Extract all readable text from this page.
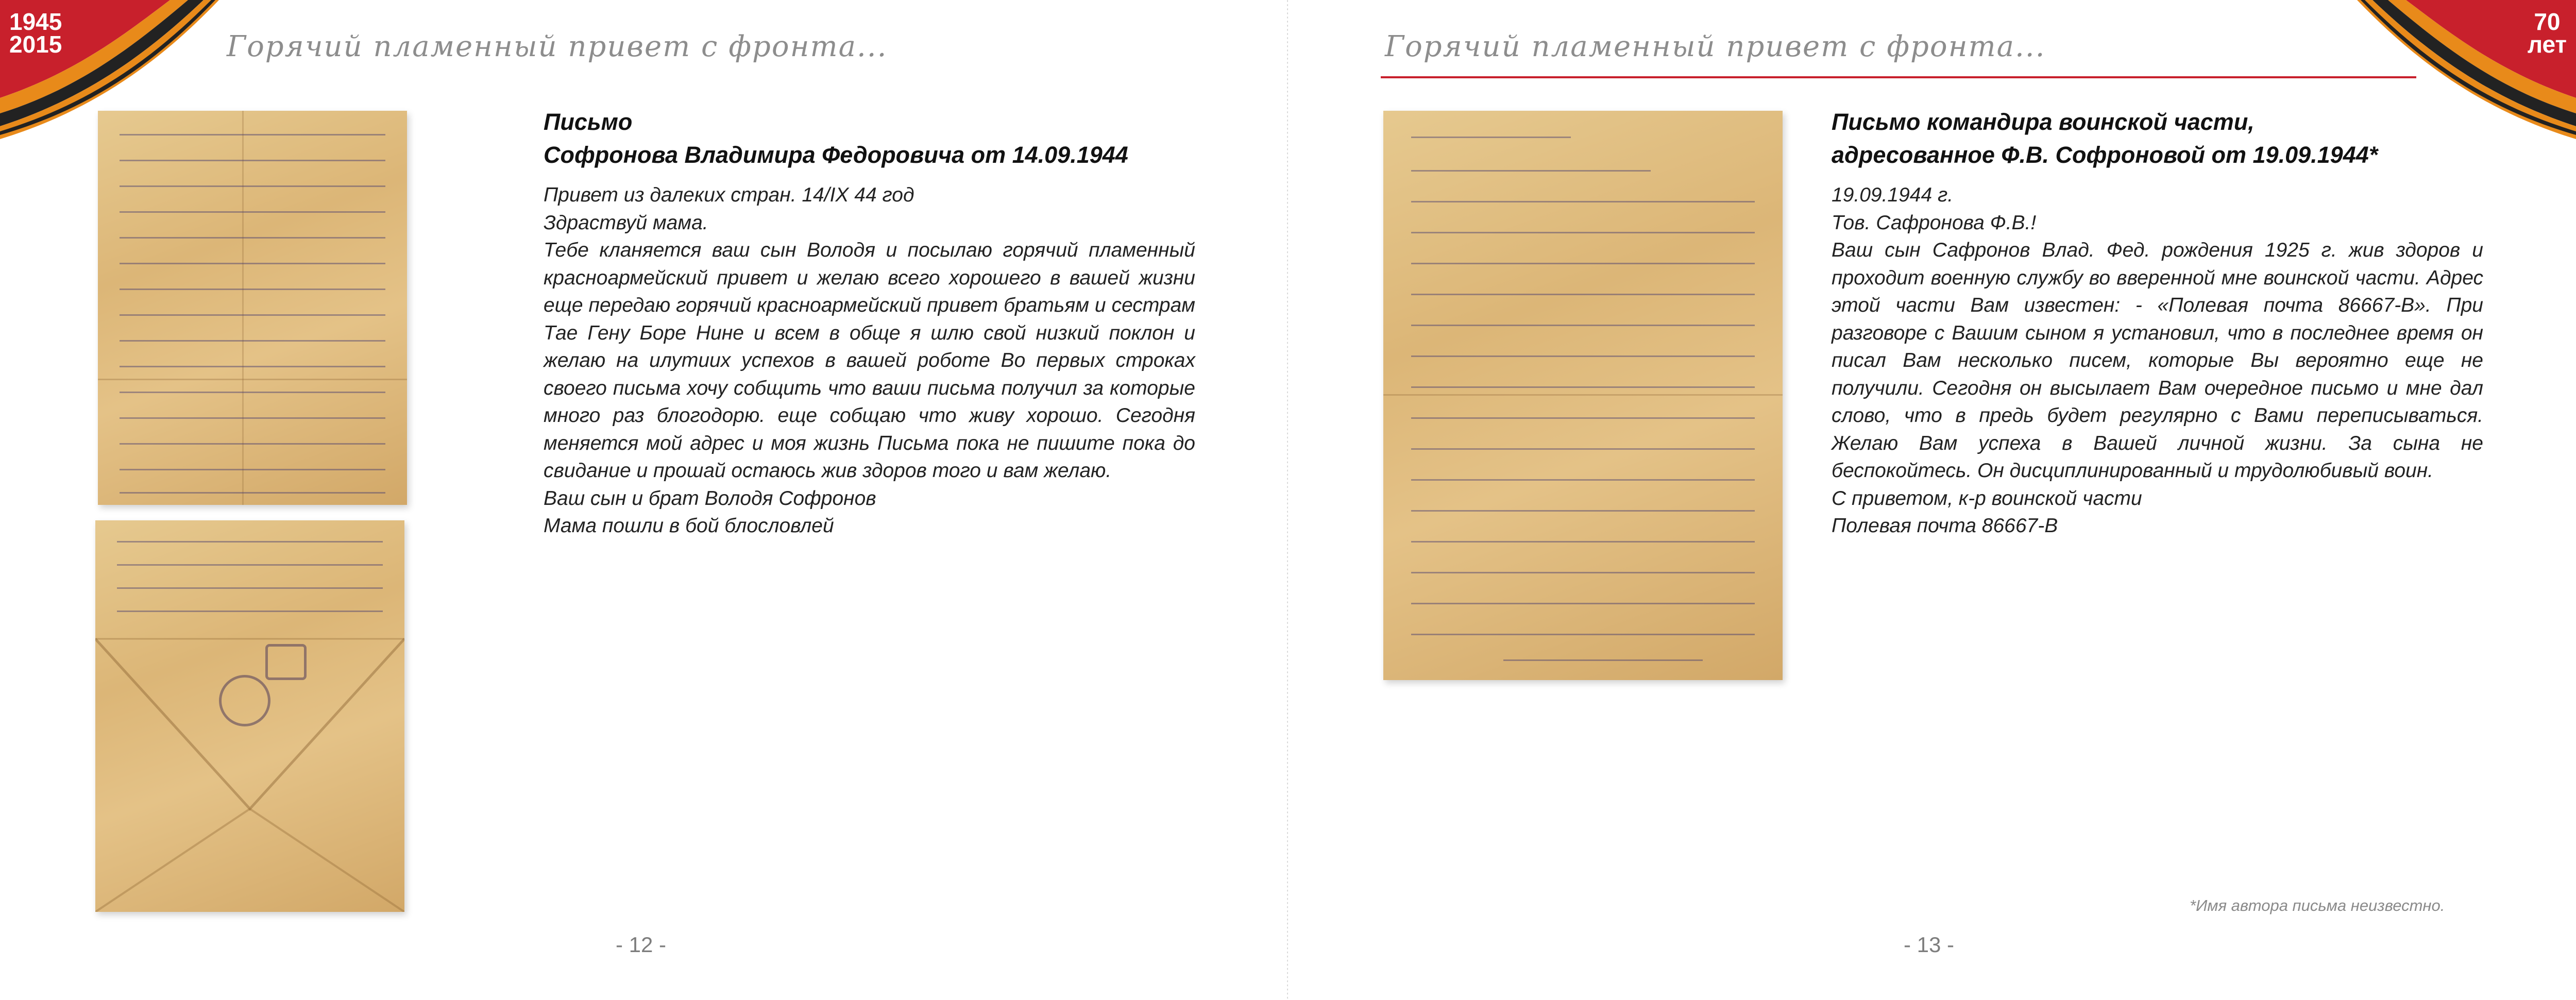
1945
2015	Горячий пламенный привет с фронта...
Письмо
Софронова Владимира Федоровича от 14.09.1944
Привет из далеких стран. 14/IX 44 год
Здраствуй мама.
Тебе кланяется ваш сын Володя и посылаю горячий пламенный красноармейский привет и желаю всего хорошего в вашей жизни еще передаю горячий красноармейский привет братьям и сестрам Тае Гену Боре Нине и всем в общe я шлю свой низкий поклон и желаю на илутиих успехов в вашей роботе Во первых строках своего письма хочу собщить что ваши письма получил за которые много раз блогодорю. еще собщаю что живу хорошо. Сегодня меняется мой адрес и моя жизнь Письма пока не пишите пока до свидание и прошай остаюсь жив здоров того и вам желаю.
Ваш сын и брат Володя Софронов
Мама пошли в бой блословлей
- 12 -
Горячий пламенный привет с фронта...
70
лет
Письмо командира воинской части,
адресованное Ф.В. Софроновой от 19.09.1944*
19.09.1944 г.
Тов. Сафронова Ф.В.!
Ваш сын Сафронов Влад. Фед. рождения 1925 г. жив здоров и проходит военную службу во вверенной мне воинской части. Адрес этой части Вам известен: - «Полевая почта 86667-В». При разговоре с Вашим сыном я установил, что в последнее время он писал Вам несколько писем, которые Вы вероятно еще не получили. Сегодня он высылает Вам очередное письмо и мне дал слово, что в предь будет регулярно с Вами переписываться. Желаю Вам успеха в Вашей личной жизни. За сына не беспокойтесь. Он дисциплинированный и трудолюбивый воин.
С приветом, к-р воинской части
Полевая почта 86667-В
*Имя автора письма неизвестно.
- 13 -
